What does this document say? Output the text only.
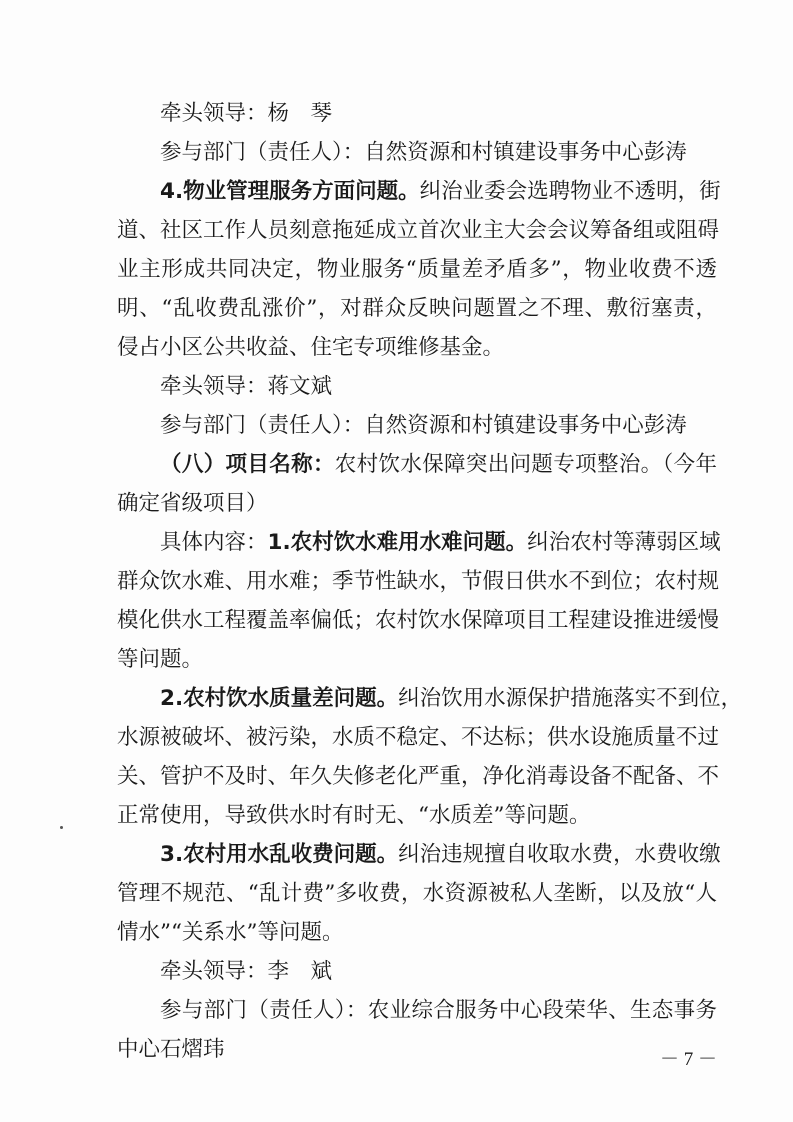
牵头领导：杨　琴
参与部门（责任人）：自然资源和村镇建设事务中心彭涛
4.物业管理服务方面问题。纠治业委会选聘物业不透明，街
道、社区工作人员刻意拖延成立首次业主大会会议筹备组或阻碍
业主形成共同决定，物业服务“质量差矛盾多”，物业收费不透
明、“乱收费乱涨价”，对群众反映问题置之不理、敷衍塞责，
侵占小区公共收益、住宅专项维修基金。
牵头领导：蒋文斌
参与部门（责任人）：自然资源和村镇建设事务中心彭涛
（八）项目名称：农村饮水保障突出问题专项整治。（今年
确定省级项目）
具体内容：1.农村饮水难用水难问题。纠治农村等薄弱区域
群众饮水难、用水难；季节性缺水，节假日供水不到位；农村规
模化供水工程覆盖率偏低；农村饮水保障项目工程建设推进缓慢
等问题。
2.农村饮水质量差问题。纠治饮用水源保护措施落实不到位，
水源被破坏、被污染，水质不稳定、不达标；供水设施质量不过
关、管护不及时、年久失修老化严重，净化消毒设备不配备、不
正常使用，导致供水时有时无、“水质差”等问题。
3.农村用水乱收费问题。纠治违规擅自收取水费，水费收缴
管理不规范、“乱计费”多收费，水资源被私人垄断，以及放“人
情水”“关系水”等问题。
牵头领导：李　斌
参与部门（责任人）：农业综合服务中心段荣华、生态事务
中心石熠玮	－ 7 －
